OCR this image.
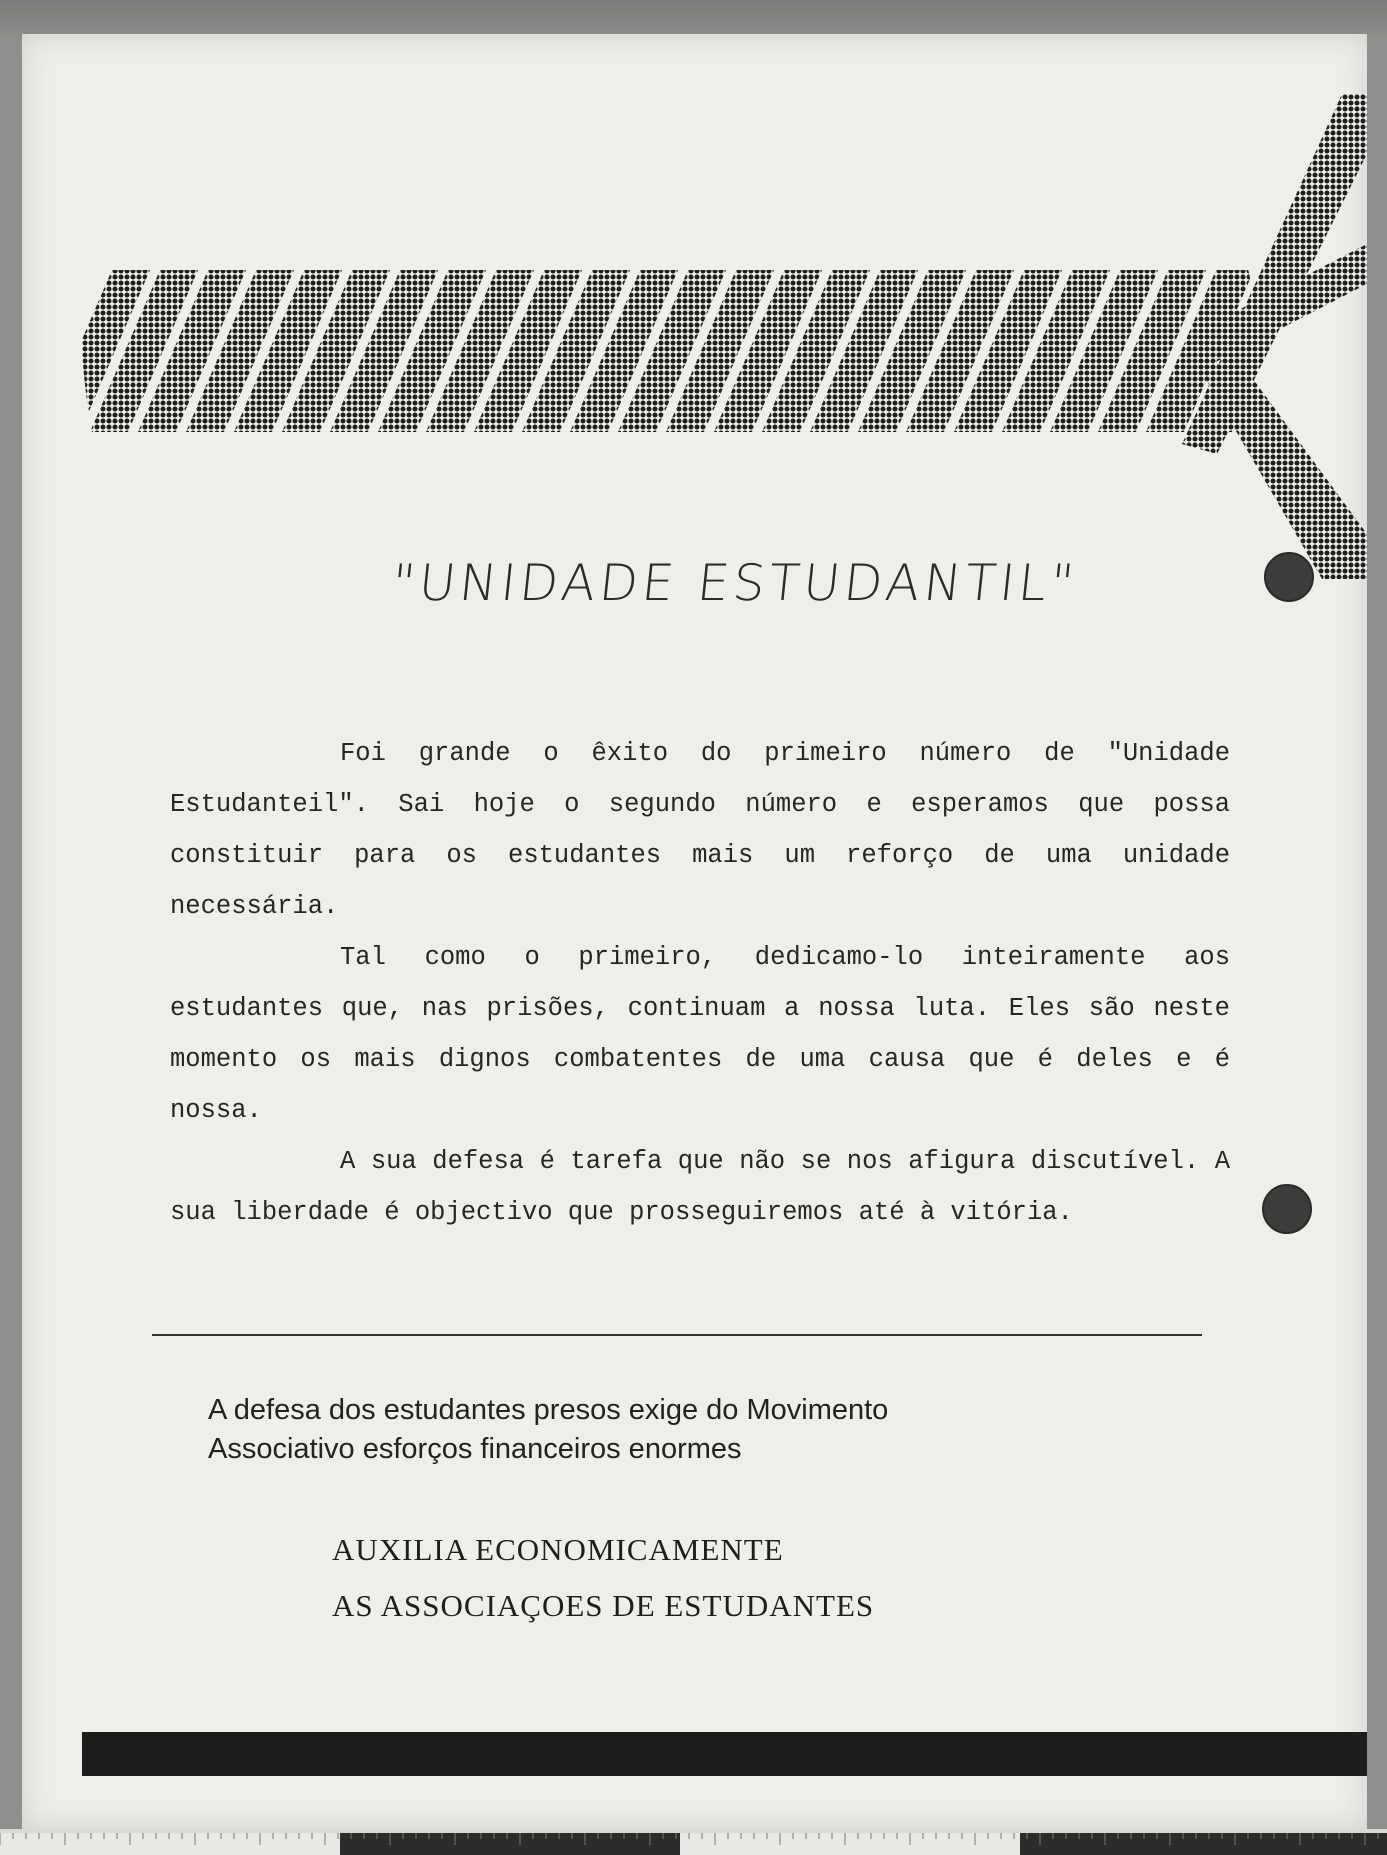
"UNIDADE ESTUDANTIL"

Foi grande o êxito do primeiro número de "Unidade Estudanteil". Sai hoje o segundo número e esperamos que possa constituir para os estudantes mais um reforço de uma unidade necessária.

Tal como o primeiro, dedicamo-lo inteiramente aos estudantes que, nas prisões, continuam a nossa luta. Eles são neste momento os mais dignos combatentes de uma causa que é deles e é nossa.

A sua defesa é tarefa que não se nos afigura discutível. A sua liberdade é objectivo que prosseguiremos até à vitória.

A defesa dos estudantes presos exige do Movimento
Associativo esforços financeiros enormes
AUXILIA ECONOMICAMENTE
AS ASSOCIAÇOES DE ESTUDANTES
